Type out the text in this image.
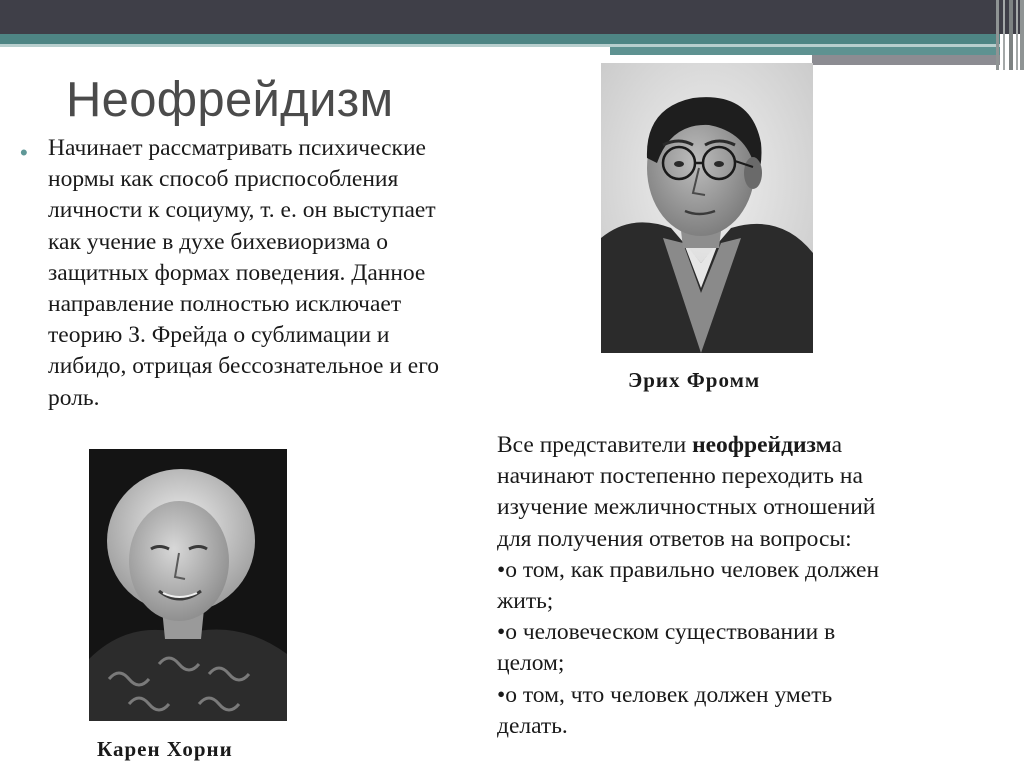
Неофрейдизм
• Начинает рассматривать психические нормы как способ приспособления личности к социуму, т. е. он выступает как учение в духе бихевиоризма о защитных формах поведения. Данное направление полностью исключает теорию З. Фрейда о сублимации и либидо, отрицая бессознательное и его роль.

Эрих Фромм

Карен Хорни

Все представители неофрейдизма
начинают постепенно переходить на
изучение межличностных отношений
для получения ответов на вопросы:
•о том, как правильно человек должен
жить;
•о человеческом существовании в
целом;
•о том, что человек должен уметь
делать.
